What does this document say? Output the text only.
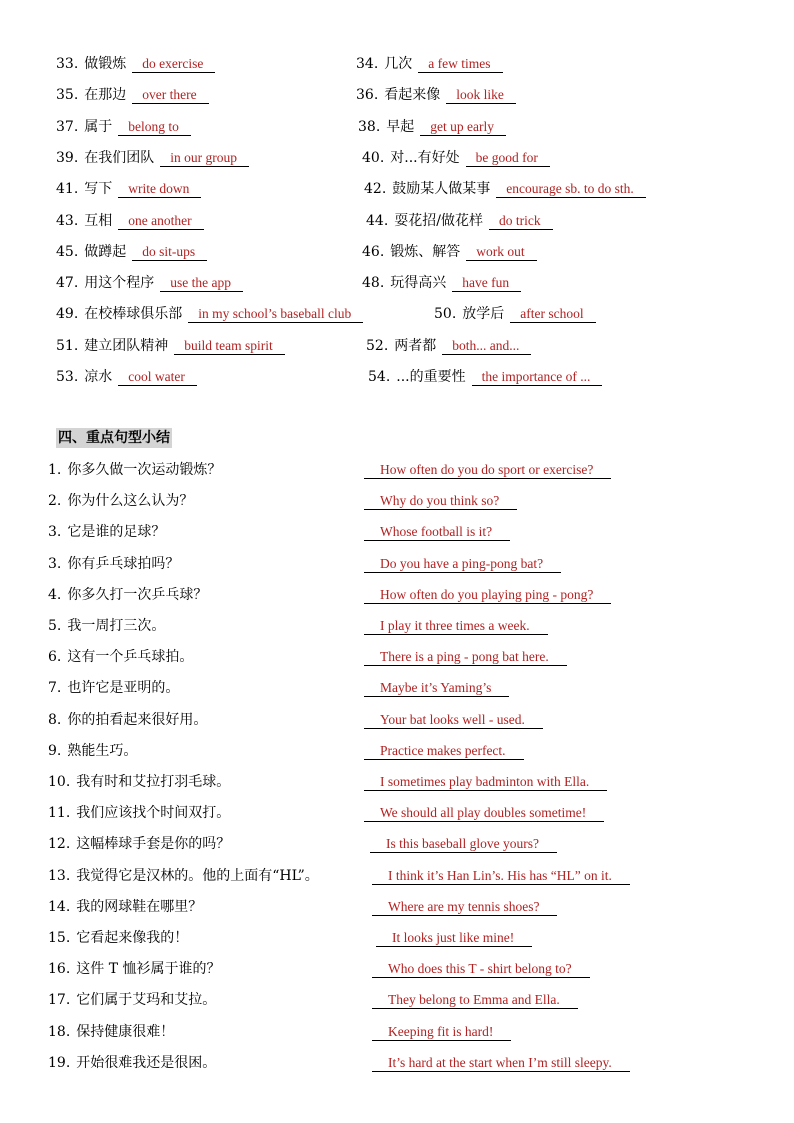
33. 做锻炼 do exercise	34. 几次 a few times
35. 在那边 over there	36. 看起来像 look like
37. 属于 belong to	38. 早起 get up early
39. 在我们团队 in our group	40. 对...有好处 be good for
41. 写下 write down	42. 鼓励某人做某事 encourage sb. to do sth.
43. 互相 one another	44. 耍花招/做花样 do trick
45. 做蹲起 do sit-ups	46. 锻炼、解答 work out
47. 用这个程序 use the app	48. 玩得高兴 have fun
49. 在校棒球俱乐部 in my school’s baseball club	50. 放学后 after school
51. 建立团队精神 build team spirit	52. 两者都 both... and...
53. 凉水 cool water	54. ...的重要性 the importance of ...
四、重点句型小结
1. 你多久做一次运动锻炼？	How often do you do sport or exercise?
2. 你为什么这么认为？	Why do you think so?
3. 它是谁的足球？	Whose football is it?
3. 你有乒乓球拍吗？	Do you have a ping-pong bat?
4. 你多久打一次乒乓球？	How often do you playing ping - pong?
5. 我一周打三次。	I play it three times a week.
6. 这有一个乒乓球拍。	There is a ping - pong bat here.
7. 也许它是亚明的。	Maybe it’s Yaming’s
8. 你的拍看起来很好用。	Your bat looks well - used.
9. 熟能生巧。	Practice makes perfect.
10. 我有时和艾拉打羽毛球。	I sometimes play badminton with Ella.
11. 我们应该找个时间双打。	We should all play doubles sometime!
12. 这幅棒球手套是你的吗？	Is this baseball glove yours?
13. 我觉得它是汉林的。他的上面有“HL”。	I think it’s Han Lin’s. His has “HL” on it.
14. 我的网球鞋在哪里？	Where are my tennis shoes?
15. 它看起来像我的！	It looks just like mine!
16. 这件 T 恤衫属于谁的？	Who does this T - shirt belong to?
17. 它们属于艾玛和艾拉。	They belong to Emma and Ella.
18. 保持健康很难！	Keeping fit is hard!
19. 开始很难我还是很困。	It’s hard at the start when I’m still sleepy.
